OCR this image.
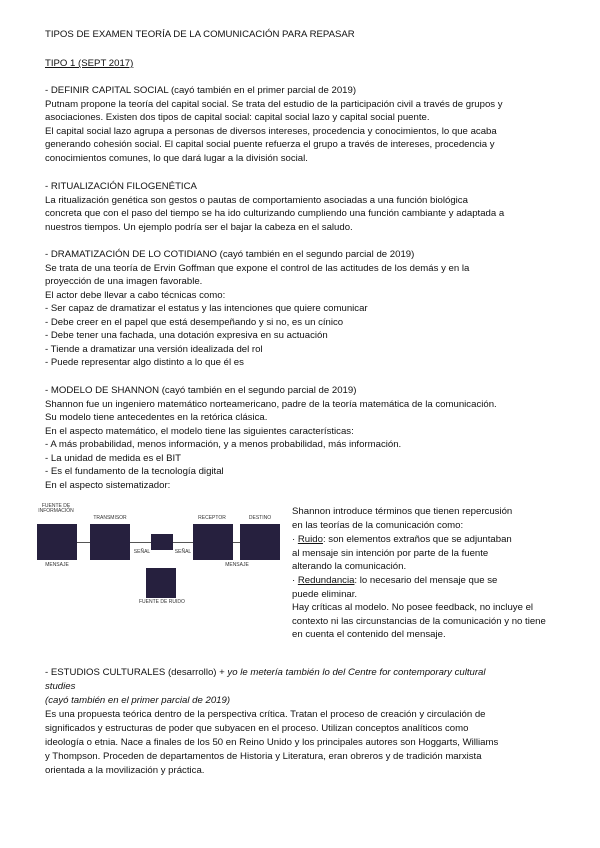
TIPOS DE EXAMEN TEORÍA DE LA COMUNICACIÓN PARA REPASAR
TIPO 1 (SEPT 2017)
- DEFINIR CAPITAL SOCIAL (cayó también en el primer parcial de 2019)
Putnam propone la teoría del capital social. Se trata del estudio de la participación civil a través de grupos y
asociaciones. Existen dos tipos de capital social: capital social lazo y capital social puente.
El capital social lazo agrupa a personas de diversos intereses, procedencia y conocimientos, lo que acaba
generando cohesión social. El capital social puente refuerza el grupo a través de intereses, procedencia y
conocimientos comunes, lo que dará lugar a la división social.
- RITUALIZACIÓN FILOGENÉTICA
La ritualización genética son gestos o pautas de comportamiento asociadas a una función biológica
concreta que con el paso del tiempo se ha ido culturizando cumpliendo una función cambiante y adaptada a
nuestros tiempos. Un ejemplo podría ser el bajar la cabeza en el saludo.
- DRAMATIZACIÓN DE LO COTIDIANO (cayó también en el segundo parcial de 2019)
Se trata de una teoría de Ervin Goffman que expone el control de las actitudes de los demás y en la
proyección de una imagen favorable.
El actor debe llevar a cabo técnicas como:
- Ser capaz de dramatizar el estatus y las intenciones que quiere comunicar
- Debe creer en el papel que está desempeñando y si no, es un cínico
- Debe tener una fachada, una dotación expresiva en su actuación
- Tiende a dramatizar una versión idealizada del rol
- Puede representar algo distinto a lo que él es
- MODELO DE SHANNON (cayó también en el segundo parcial de 2019)
Shannon fue un ingeniero matemático norteamericano, padre de la teoría matemática de la comunicación.
Su modelo tiene antecedentes en la retórica clásica.
En el aspecto matemático, el modelo tiene las siguientes características:
- A más probabilidad, menos información, y a menos probabilidad, más información.
- La unidad de medida es el BIT
- Es el fundamento de la tecnología digital
En el aspecto sistematizador:
FUENTE DE INFORMACIÓN
TRANSMISOR	RECEPTOR	DESTINO
SEÑAL	SEÑAL
MENSAJE	MENSAJE
FUENTE DE RUIDO
Shannon introduce términos que tienen repercusión
en las teorías de la comunicación como:
· Ruido: son elementos extraños que se adjuntaban
al mensaje sin intención por parte de la fuente
alterando la comunicación.
· Redundancia: lo necesario del mensaje que se
puede eliminar.
Hay críticas al modelo. No posee feedback, no incluye el
contexto ni las circunstancias de la comunicación y no tiene
en cuenta el contenido del mensaje.
- ESTUDIOS CULTURALES (desarrollo) + yo le metería también lo del Centre for contemporary cultural
studies
(cayó también en el primer parcial de 2019)
Es una propuesta teórica dentro de la perspectiva crítica. Tratan el proceso de creación y circulación de
significados y estructuras de poder que subyacen en el proceso. Utilizan conceptos analíticos como
ideología o etnia. Nace a finales de los 50 en Reino Unido y los principales autores son Hoggarts, Williams
y Thompson. Proceden de departamentos de Historia y Literatura, eran obreros y de tradición marxista
orientada a la movilización y práctica.
